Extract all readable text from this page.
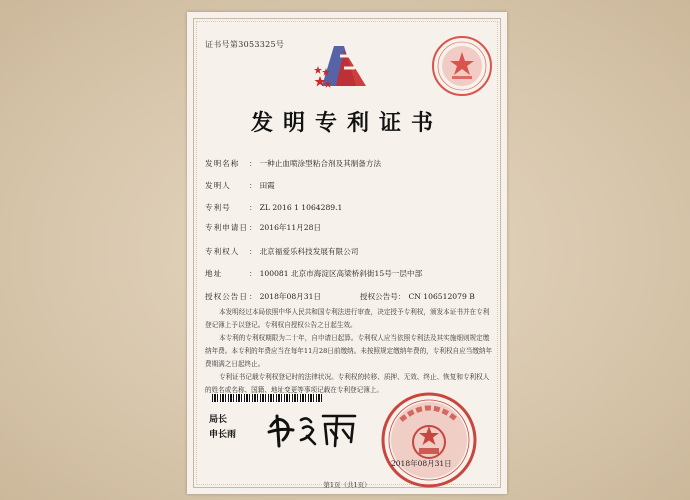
证书号第3053325号
发明专利证书
发明名称 ： 一种止血喷涂型粘合剂及其制备方法
发明人 ： 田霞
专利号 ： ZL 2016 1 1064289.1
专利申请日： 2016年11月28日
专利权人 ： 北京福爱乐科技发展有限公司
地址	： 100081 北京市海淀区高梁桥斜街15号一层中部
授权公告日： 2018年08月31日	授权公告号： CN 106512079 B

本发明经过本局依照中华人民共和国专利法进行审查，决定授予专利权，颁发本证书并在专利登记簿上予以登记。专利权自授权公告之日起生效。

本专利的专利权期限为二十年，自申请日起算。专利权人应当依照专利法及其实施细则规定缴纳年费。本专利的年费应当在每年11月28日前缴纳。未按照规定缴纳年费的，专利权自应当缴纳年费期满之日起终止。

专利证书记载专利权登记时的法律状况。专利权的转移、质押、无效、终止、恢复和专利权人的姓名或名称、国籍、地址变更等事项记载在专利登记簿上。

局长
申长雨
2018年08月31日
第1页（共1页）
